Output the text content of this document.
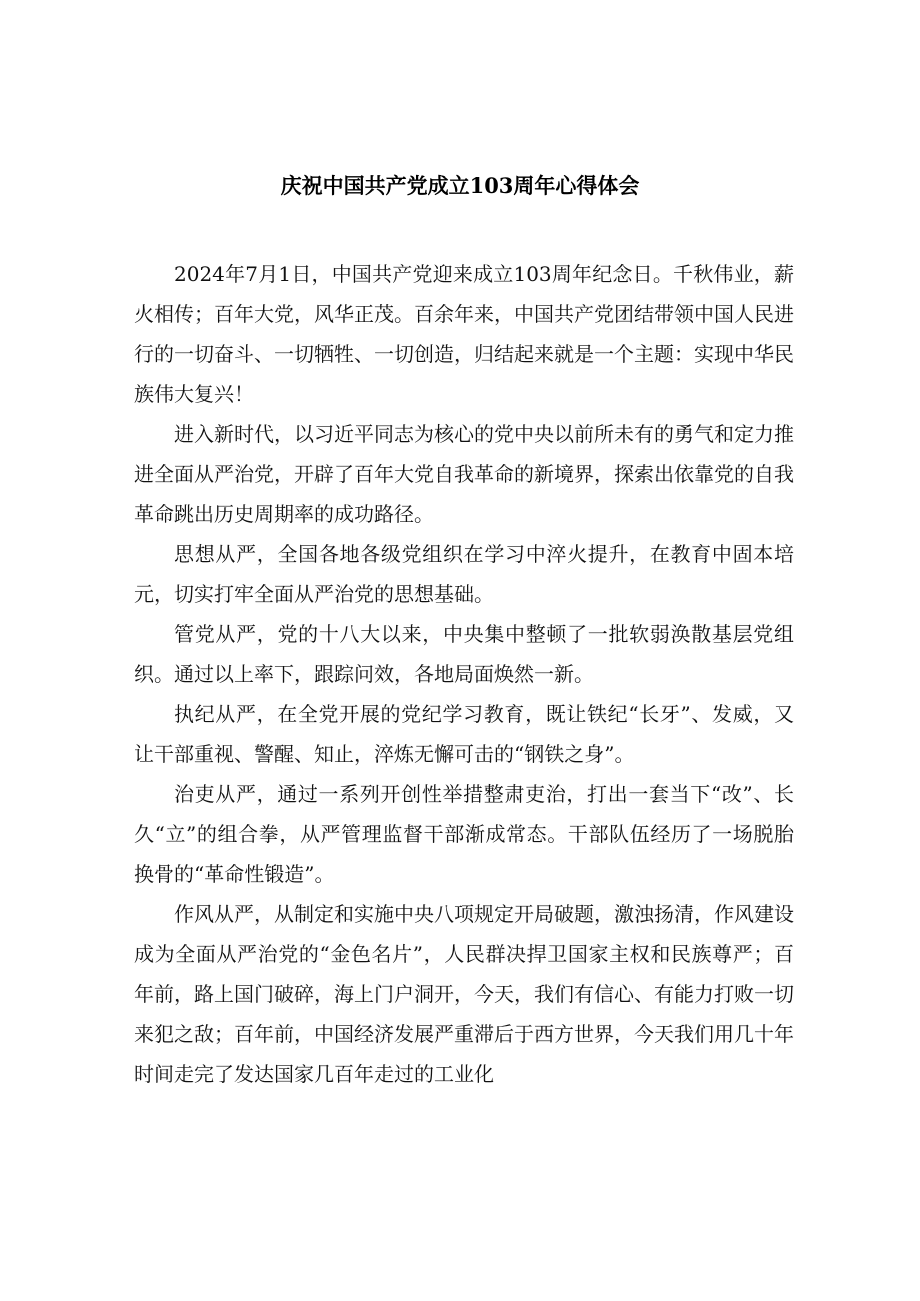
庆祝中国共产党成立103周年心得体会

2024年7月1日，中国共产党迎来成立103周年纪念日。千秋伟业，薪火相传；百年大党，风华正茂。百余年来，中国共产党团结带领中国人民进行的一切奋斗、一切牺牲、一切创造，归结起来就是一个主题：实现中华民族伟大复兴！

进入新时代，以习近平同志为核心的党中央以前所未有的勇气和定力推进全面从严治党，开辟了百年大党自我革命的新境界，探索出依靠党的自我革命跳出历史周期率的成功路径。

思想从严，全国各地各级党组织在学习中淬火提升，在教育中固本培元，切实打牢全面从严治党的思想基础。

管党从严，党的十八大以来，中央集中整顿了一批软弱涣散基层党组织。通过以上率下，跟踪问效，各地局面焕然一新。

执纪从严，在全党开展的党纪学习教育，既让铁纪“长牙”、发威，又让干部重视、警醒、知止，淬炼无懈可击的“钢铁之身”。

治吏从严，通过一系列开创性举措整肃吏治，打出一套当下“改”、长久“立”的组合拳，从严管理监督干部渐成常态。干部队伍经历了一场脱胎换骨的“革命性锻造”。

作风从严，从制定和实施中央八项规定开局破题，激浊扬清，作风建设成为全面从严治党的“金色名片”，人民群决捍卫国家主权和民族尊严；百年前，路上国门破碎，海上门户洞开，今天，我们有信心、有能力打败一切来犯之敌；百年前，中国经济发展严重滞后于西方世界，今天我们用几十年时间走完了发达国家几百年走过的工业化
